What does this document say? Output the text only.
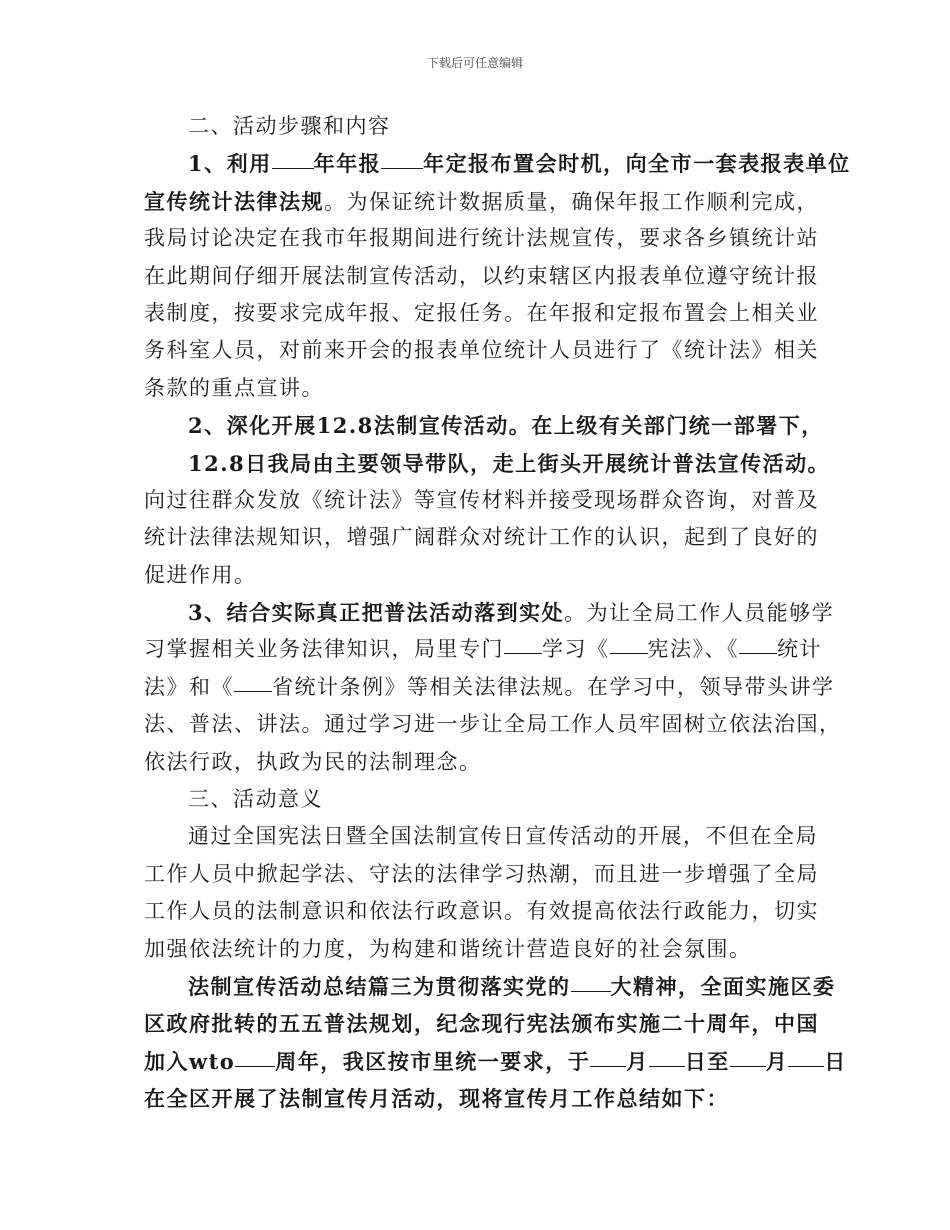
下载后可任意编辑
二、活动步骤和内容
1、利用 年年报 年定报布置会时机，向全市一套表报表单位
宣传统计法律法规。为保证统计数据质量，确保年报工作顺利完成，
我局讨论决定在我市年报期间进行统计法规宣传，要求各乡镇统计站
在此期间仔细开展法制宣传活动，以约束辖区内报表单位遵守统计报
表制度，按要求完成年报、定报任务。在年报和定报布置会上相关业
务科室人员，对前来开会的报表单位统计人员进行了《统计法》相关
条款的重点宣讲。
2、深化开展12.8法制宣传活动。在上级有关部门统一部署下，
12.8日我局由主要领导带队，走上街头开展统计普法宣传活动。
向过往群众发放《统计法》等宣传材料并接受现场群众咨询，对普及
统计法律法规知识，增强广阔群众对统计工作的认识，起到了良好的
促进作用。
3、结合实际真正把普法活动落到实处。为让全局工作人员能够学
习掌握相关业务法律知识，局里专门 学习《 宪法》、《 统计
法》和《 省统计条例》等相关法律法规。在学习中，领导带头讲学
法、普法、讲法。通过学习进一步让全局工作人员牢固树立依法治国，
依法行政，执政为民的法制理念。
三、活动意义
通过全国宪法日暨全国法制宣传日宣传活动的开展，不但在全局
工作人员中掀起学法、守法的法律学习热潮，而且进一步增强了全局
工作人员的法制意识和依法行政意识。有效提高依法行政能力，切实
加强依法统计的力度，为构建和谐统计营造良好的社会氛围。
法制宣传活动总结篇三为贯彻落实党的 大精神，全面实施区委
区政府批转的五五普法规划，纪念现行宪法颁布实施二十周年，中国
加入wto 周年，我区按市里统一要求，于 月 日至 月 日
在全区开展了法制宣传月活动，现将宣传月工作总结如下：
